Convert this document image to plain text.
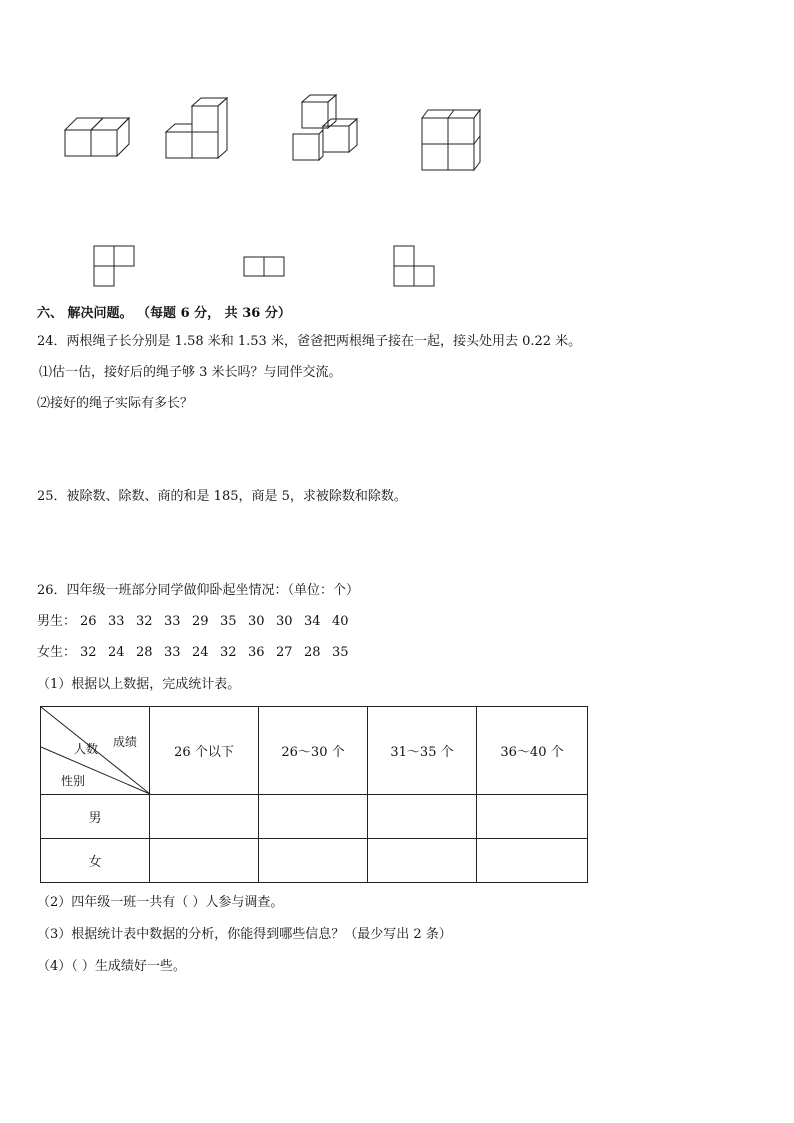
六、 解决问题。 （每题 6 分， 共 36 分）
24．两根绳子长分别是 1.58 米和 1.53 米，爸爸把两根绳子接在一起，接头处用去 0.22 米。
⑴估一估，接好后的绳子够 3 米长吗？与同伴交流。
⑵接好的绳子实际有多长？
25．被除数、除数、商的和是 185，商是 5，求被除数和除数。
26．四年级一班部分同学做仰卧起坐情况：（单位：个）
男生： 26 33 32 33 29 35 30 30 34 40
女生： 32 24 28 33 24 32 36 27 28 35
（1）根据以上数据，完成统计表。
成绩
人数
性别	26 个以下	26～30 个	31～35 个	36～40 个
男				
女				
（2）四年级一班一共有（ ）人参与调查。
（3）根据统计表中数据的分析，你能得到哪些信息？（最少写出 2 条）
（4）（ ）生成绩好一些。
